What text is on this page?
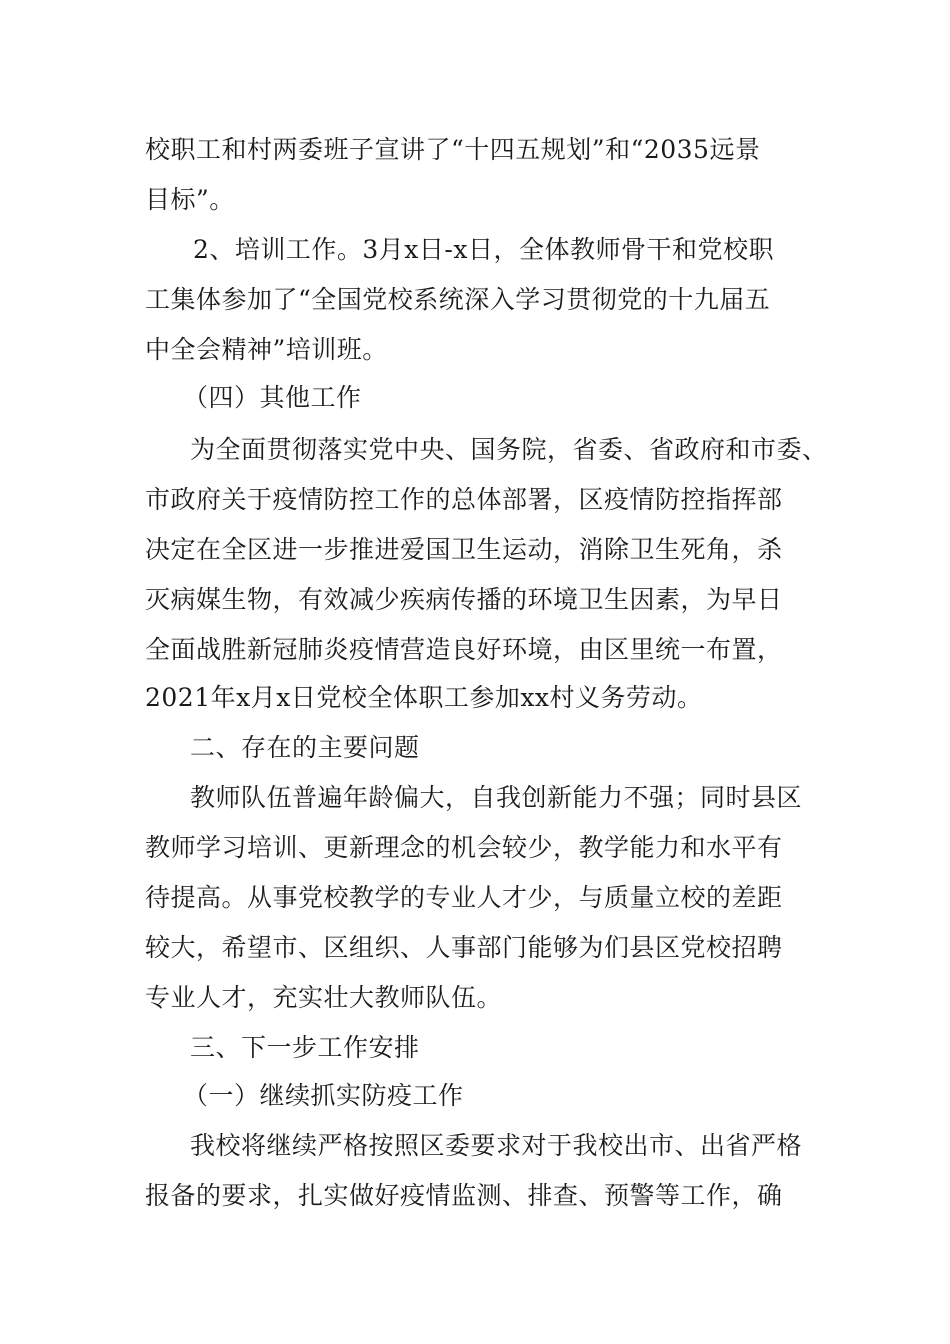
校职工和村两委班子宣讲了“十四五规划”和“2035远景
目标”。
2、培训工作。3月x日-x日，全体教师骨干和党校职
工集体参加了“全国党校系统深入学习贯彻党的十九届五
中全会精神”培训班。
（四）其他工作
为全面贯彻落实党中央、国务院，省委、省政府和市委、
市政府关于疫情防控工作的总体部署，区疫情防控指挥部
决定在全区进一步推进爱国卫生运动，消除卫生死角，杀
灭病媒生物，有效减少疾病传播的环境卫生因素，为早日
全面战胜新冠肺炎疫情营造良好环境，由区里统一布置，
2021年x月x日党校全体职工参加xx村义务劳动。
二、存在的主要问题
教师队伍普遍年龄偏大，自我创新能力不强；同时县区
教师学习培训、更新理念的机会较少，教学能力和水平有
待提高。从事党校教学的专业人才少，与质量立校的差距
较大，希望市、区组织、人事部门能够为们县区党校招聘
专业人才，充实壮大教师队伍。
三、下一步工作安排
（一）继续抓实防疫工作
我校将继续严格按照区委要求对于我校出市、出省严格
报备的要求，扎实做好疫情监测、排查、预警等工作，确
